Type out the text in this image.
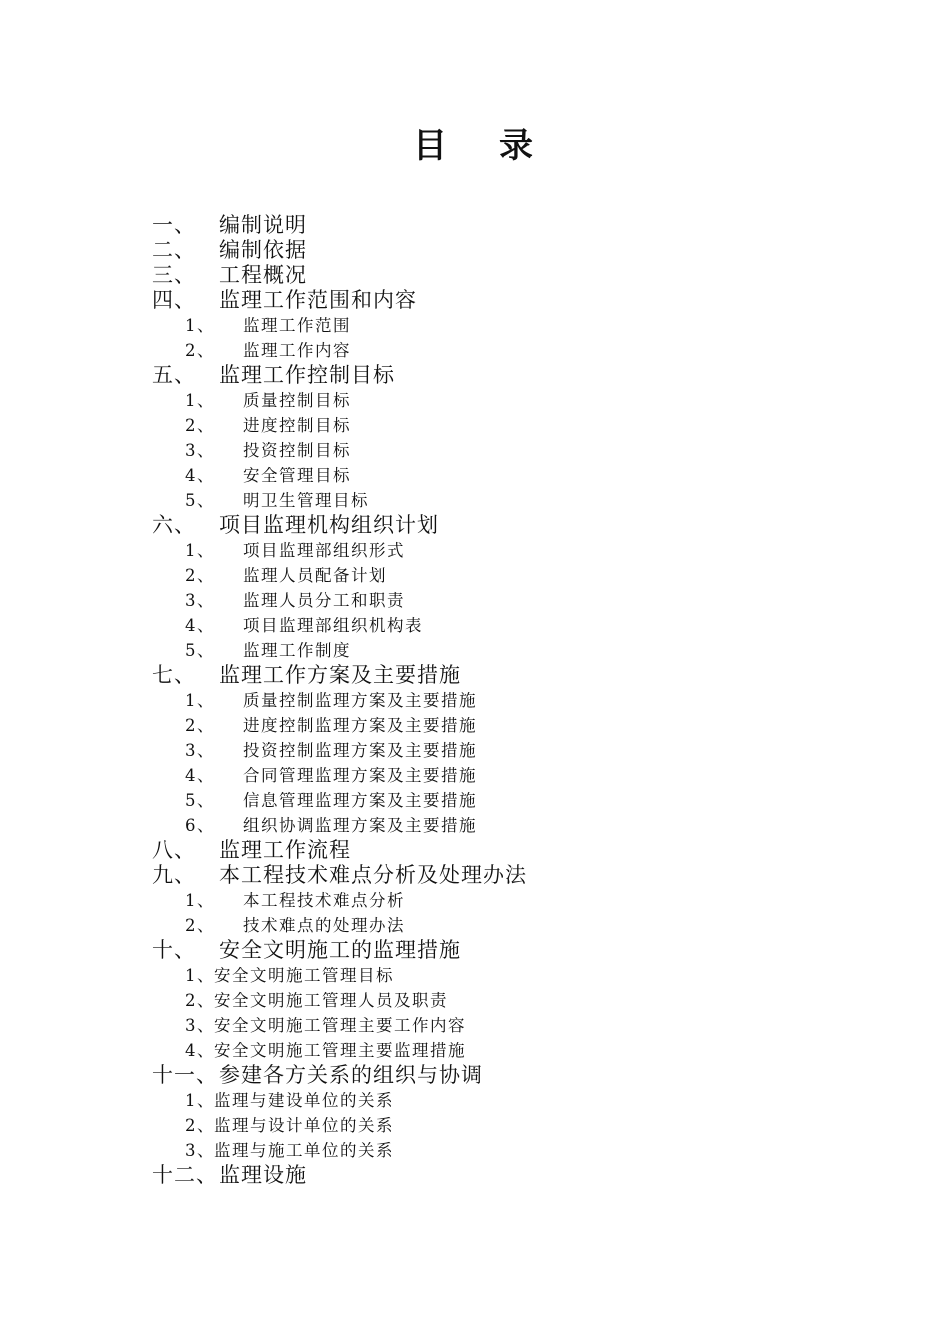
目 录
一、 编制说明
二、 编制依据
三、 工程概况
四、 监理工作范围和内容
1、 监理工作范围
2、 监理工作内容
五、 监理工作控制目标
1、 质量控制目标
2、 进度控制目标
3、 投资控制目标
4、 安全管理目标
5、 明卫生管理目标
六、 项目监理机构组织计划
1、 项目监理部组织形式
2、 监理人员配备计划
3、 监理人员分工和职责
4、 项目监理部组织机构表
5、 监理工作制度
七、 监理工作方案及主要措施
1、 质量控制监理方案及主要措施
2、 进度控制监理方案及主要措施
3、 投资控制监理方案及主要措施
4、 合同管理监理方案及主要措施
5、 信息管理监理方案及主要措施
6、 组织协调监理方案及主要措施
八、 监理工作流程
九、 本工程技术难点分析及处理办法
1、 本工程技术难点分析
2、 技术难点的处理办法
十、 安全文明施工的监理措施
1、 安全文明施工管理目标
2、 安全文明施工管理人员及职责
3、 安全文明施工管理主要工作内容
4、 安全文明施工管理主要监理措施
十一、 参建各方关系的组织与协调
1、 监理与建设单位的关系
2、 监理与设计单位的关系
3、 监理与施工单位的关系
十二、 监理设施
